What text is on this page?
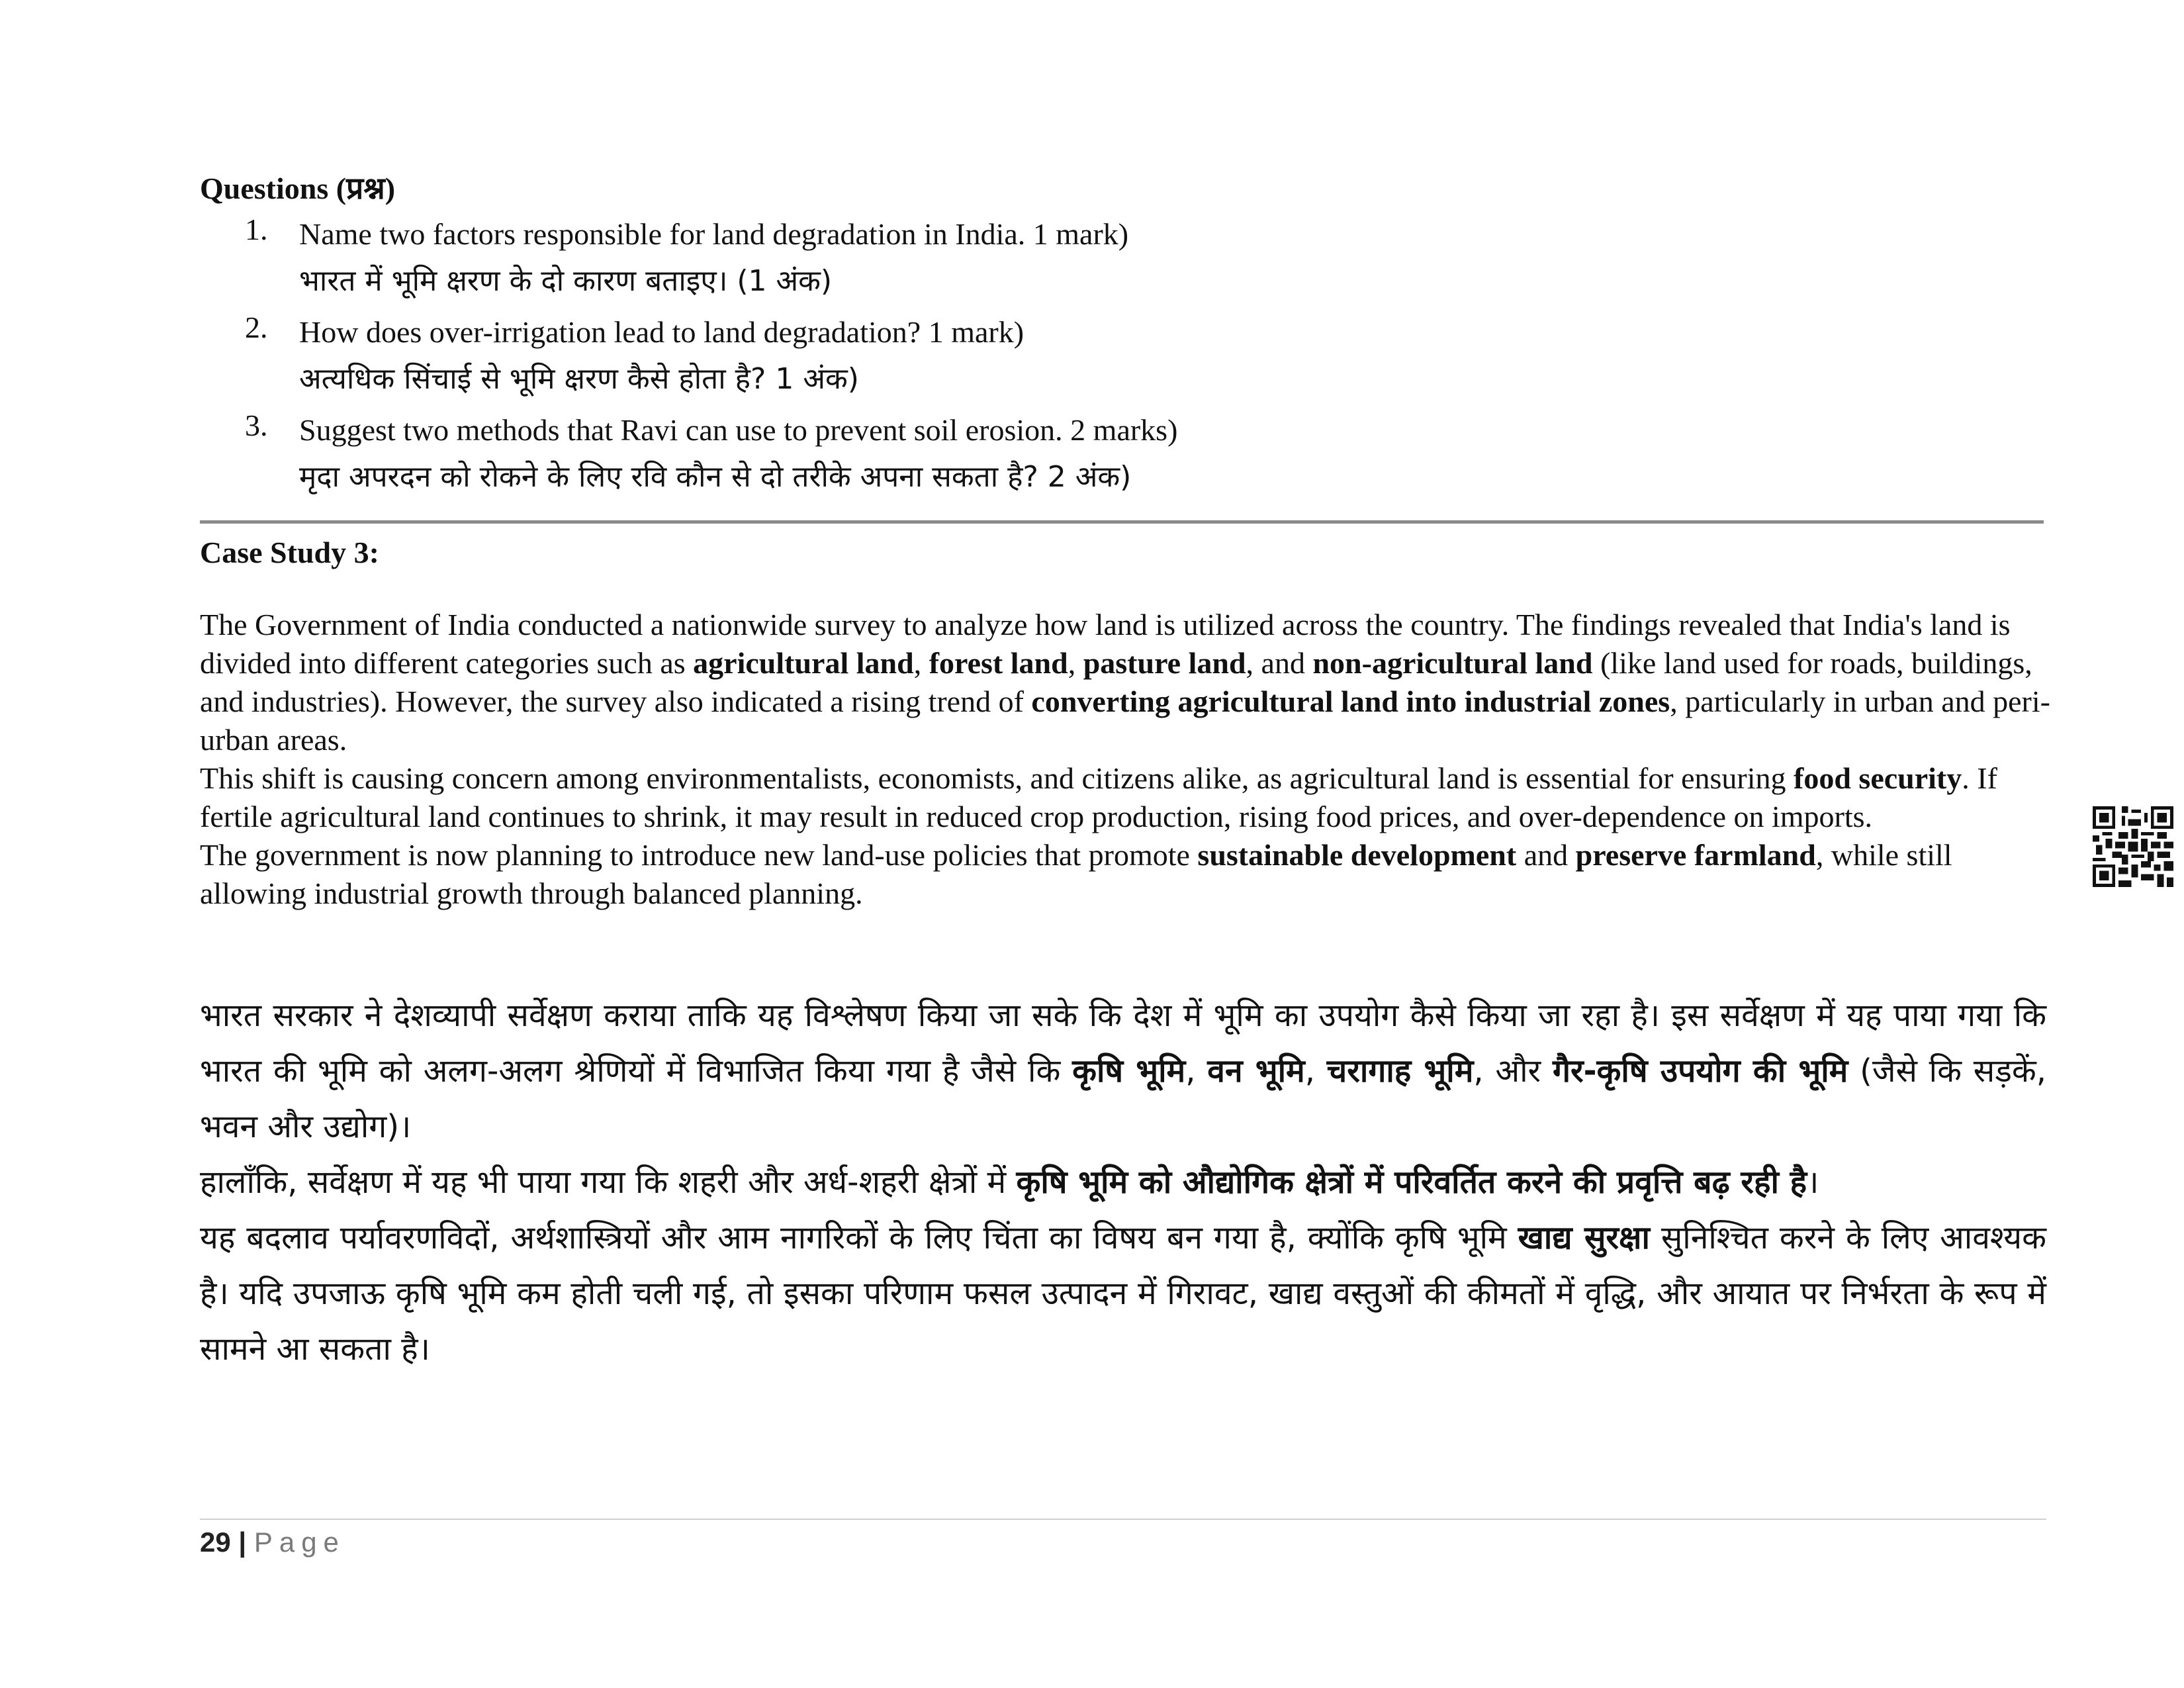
Questions (प्रश्न)
1. Name two factors responsible for land degradation in India. 1 mark)
भारत में भूमि क्षरण के दो कारण बताइए। (1 अंक)
2. How does over-irrigation lead to land degradation? 1 mark)
अत्यधिक सिंचाई से भूमि क्षरण कैसे होता है? 1 अंक)
3. Suggest two methods that Ravi can use to prevent soil erosion. 2 marks)
मृदा अपरदन को रोकने के लिए रवि कौन से दो तरीके अपना सकता है? 2 अंक)
Case Study 3:

The Government of India conducted a nationwide survey to analyze how land is utilized across the country. The findings revealed that India's land is divided into different categories such as agricultural land, forest land, pasture land, and non-agricultural land (like land used for roads, buildings, and industries). However, the survey also indicated a rising trend of converting agricultural land into industrial zones, particularly in urban and peri-urban areas.

This shift is causing concern among environmentalists, economists, and citizens alike, as agricultural land is essential for ensuring food security. If fertile agricultural land continues to shrink, it may result in reduced crop production, rising food prices, and over-dependence on imports.

The government is now planning to introduce new land-use policies that promote sustainable development and preserve farmland, while still allowing industrial growth through balanced planning.

भारत सरकार ने देशव्यापी सर्वेक्षण कराया ताकि यह विश्लेषण किया जा सके कि देश में भूमि का उपयोग कैसे किया जा रहा है। इस सर्वेक्षण में यह पाया गया कि भारत की भूमि को अलग-अलग श्रेणियों में विभाजित किया गया है जैसे कि कृषि भूमि, वन भूमि, चरागाह भूमि, और गैर-कृषि उपयोग की भूमि (जैसे कि सड़कें, भवन और उद्योग)।

हालाँकि, सर्वेक्षण में यह भी पाया गया कि शहरी और अर्ध-शहरी क्षेत्रों में कृषि भूमि को औद्योगिक क्षेत्रों में परिवर्तित करने की प्रवृत्ति बढ़ रही है।

यह बदलाव पर्यावरणविदों, अर्थशास्त्रियों और आम नागरिकों के लिए चिंता का विषय बन गया है, क्योंकि कृषि भूमि खाद्य सुरक्षा सुनिश्चित करने के लिए आवश्यक है। यदि उपजाऊ कृषि भूमि कम होती चली गई, तो इसका परिणाम फसल उत्पादन में गिरावट, खाद्य वस्तुओं की कीमतों में वृद्धि, और आयात पर निर्भरता के रूप में सामने आ सकता है।

29 | Page
